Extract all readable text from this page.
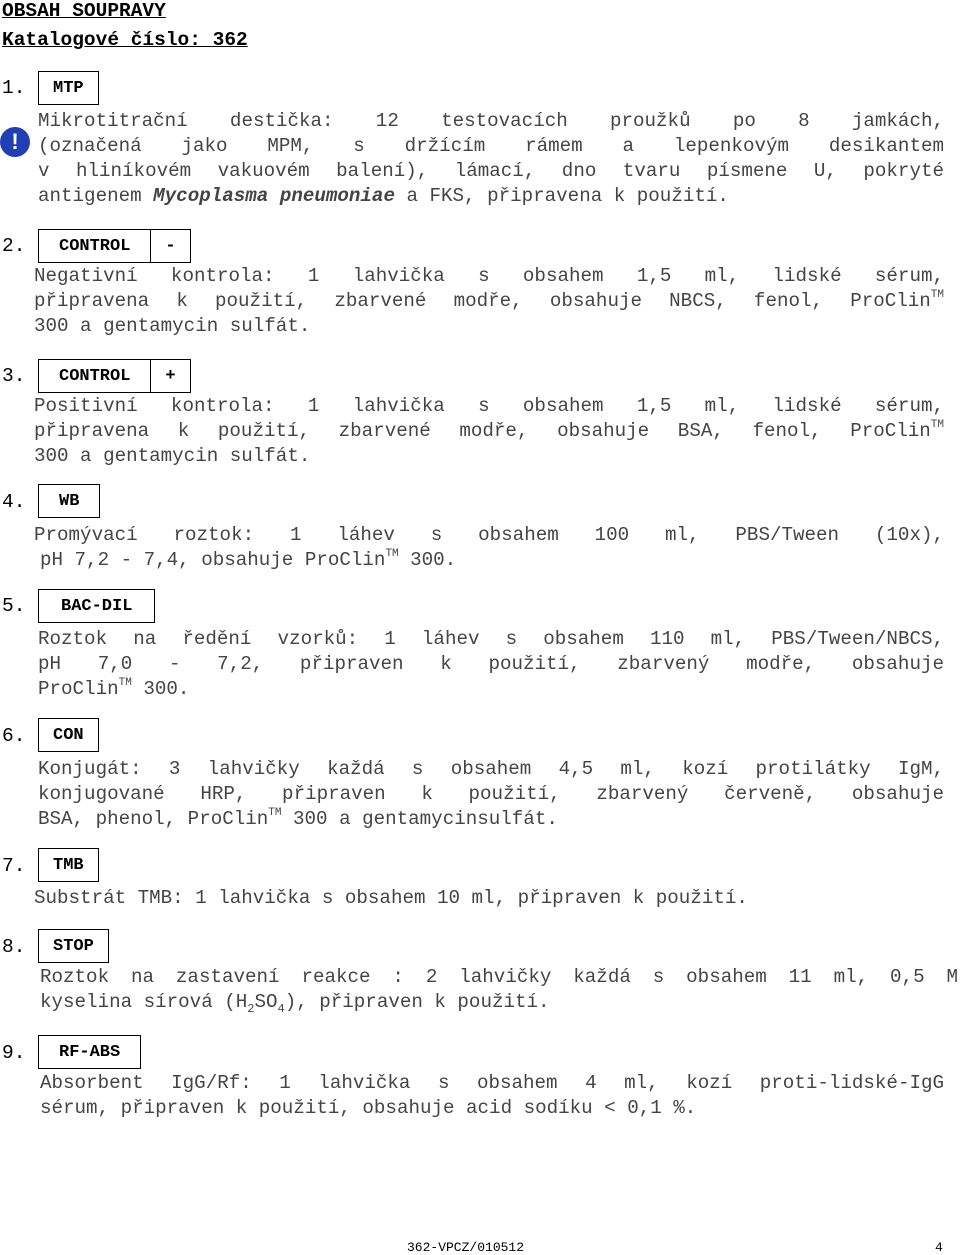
OBSAH SOUPRAVY
Katalogové číslo: 362
1.	MTP
!
Mikrotitrační destička: 12 testovacích proužků po 8 jamkách,
(označená jako MPM, s držícím rámem a lepenkovým desikantem
v hliníkovém vakuovém balení), lámací, dno tvaru písmene U, pokryté
antigenem Mycoplasma pneumoniae a FKS, připravena k použití.
2.	CONTROL	-
Negativní kontrola: 1 lahvička s obsahem 1,5 ml, lidské sérum,
připravena k použití, zbarvené modře, obsahuje NBCS, fenol, ProClin™
300 a gentamycin sulfát.
3.	CONTROL	+
Positivní kontrola: 1 lahvička s obsahem 1,5 ml, lidské sérum,
připravena k použití, zbarvené modře, obsahuje BSA, fenol, ProClin™
300 a gentamycin sulfát.
4.	WB
Promývací roztok: 1 láhev s obsahem 100 ml, PBS/Tween (10x),
pH 7,2 - 7,4, obsahuje ProClin™ 300.
5.	BAC-DIL
Roztok na ředění vzorků: 1 láhev s obsahem 110 ml, PBS/Tween/NBCS,
pH 7,0 - 7,2, připraven k použití, zbarvený modře, obsahuje
ProClin™ 300.
6.	CON
Konjugát: 3 lahvičky každá s obsahem 4,5 ml, kozí protilátky IgM,
konjugované HRP, připraven k použití, zbarvený červeně, obsahuje
BSA, phenol, ProClin™ 300 a gentamycinsulfát.
7.	TMB
Substrát TMB: 1 lahvička s obsahem 10 ml, připraven k použití.
8.	STOP
Roztok na zastavení reakce : 2 lahvičky každá s obsahem 11 ml, 0,5 M
kyselina sírová $(H_2SO_4)$, připraven k použití.
9.	RF-ABS
Absorbent IgG/Rf: 1 lahvička s obsahem 4 ml, kozí proti-lidské-IgG
sérum, připraven k použití, obsahuje acid sodíku < 0,1 %.
362-VPCZ/010512	4
